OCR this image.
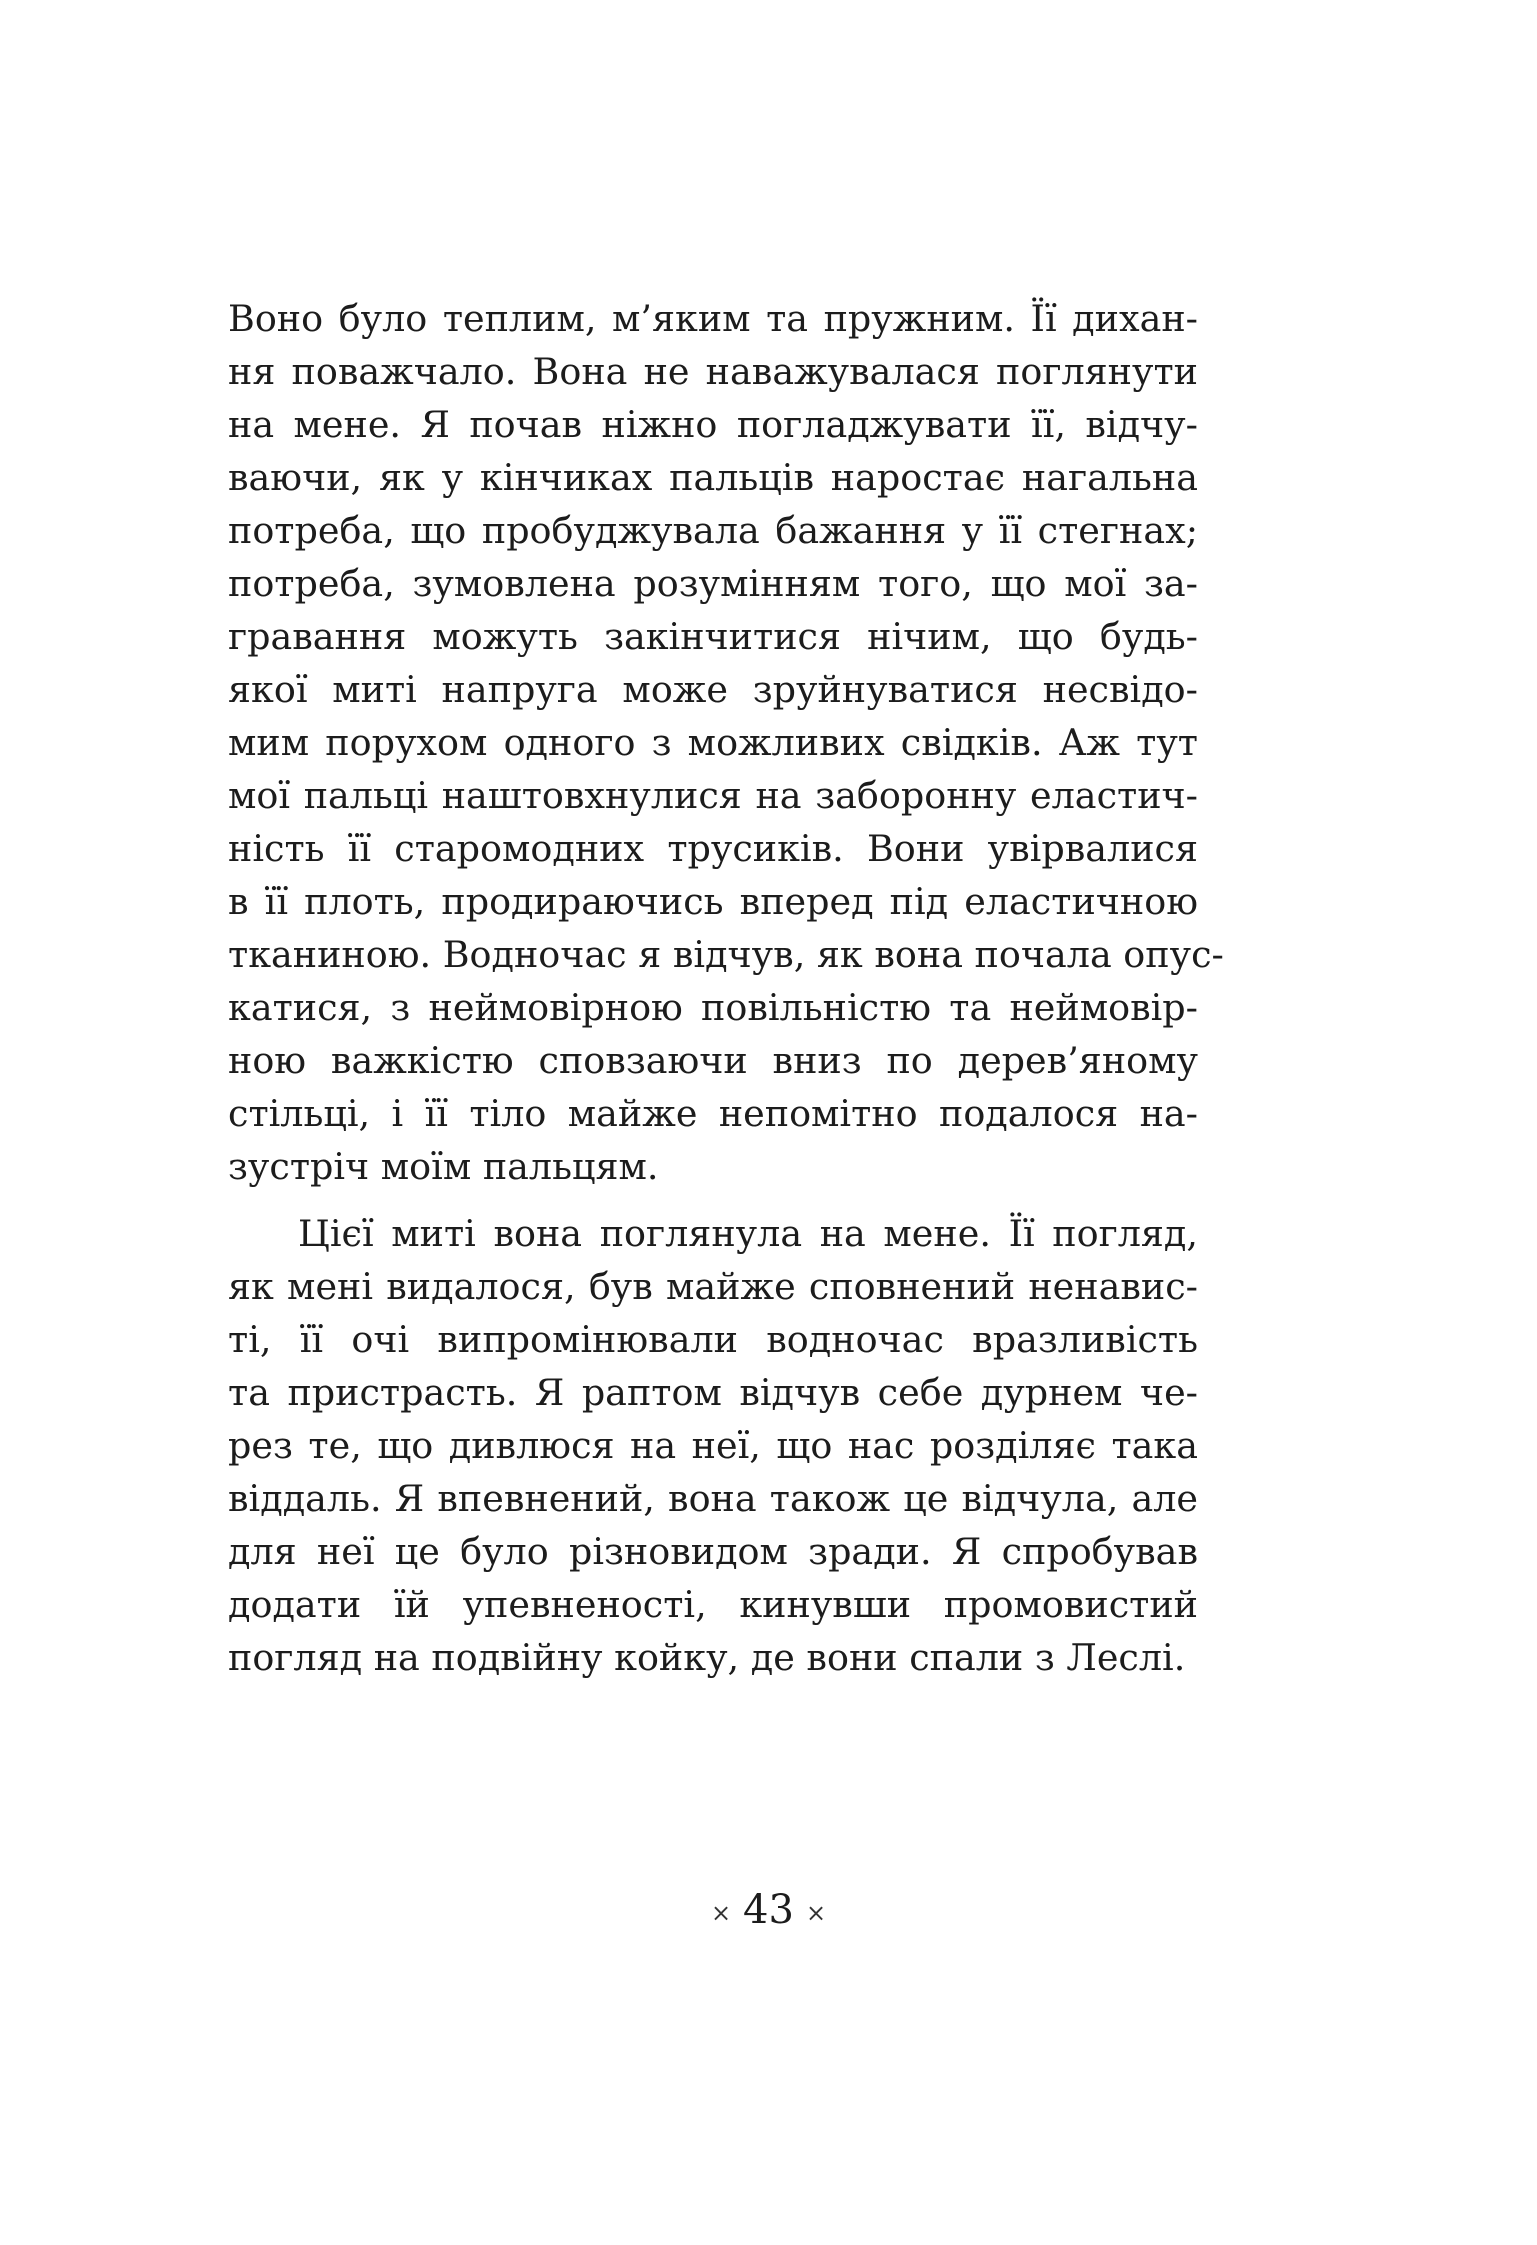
Воно було теплим, м’яким та пружним. Її дихан-
ня поважчало. Вона не наважувалася поглянути
на мене. Я почав ніжно погладжувати її, відчу-
ваючи, як у кінчиках пальців наростає нагальна
потреба, що пробуджувала бажання у її стегнах;
потреба, зумовлена розумінням того, що мої за-
гравання можуть закінчитися нічим, що будь-
якої миті напруга може зруйнуватися несвідо-
мим порухом одного з можливих свідків. Аж тут
мої пальці наштовхнулися на заборонну еластич-
ність її старомодних трусиків. Вони увірвалися
в її плоть, продираючись вперед під еластичною
тканиною. Водночас я відчув, як вона почала опус-
катися, з неймовірною повільністю та неймовір-
ною важкістю сповзаючи вниз по дерев’яному
стільці, і її тіло майже непомітно подалося на-
зустріч моїм пальцям.
Цієї миті вона поглянула на мене. Її погляд,
як мені видалося, був майже сповнений ненавис-
ті, її очі випромінювали водночас вразливість
та пристрасть. Я раптом відчув себе дурнем че-
рез те, що дивлюся на неї, що нас розділяє така
віддаль. Я впевнений, вона також це відчула, але
для неї це було різновидом зради. Я спробував
додати їй упевненості, кинувши промовистий
погляд на подвійну койку, де вони спали з Леслі.
× 43 ×
